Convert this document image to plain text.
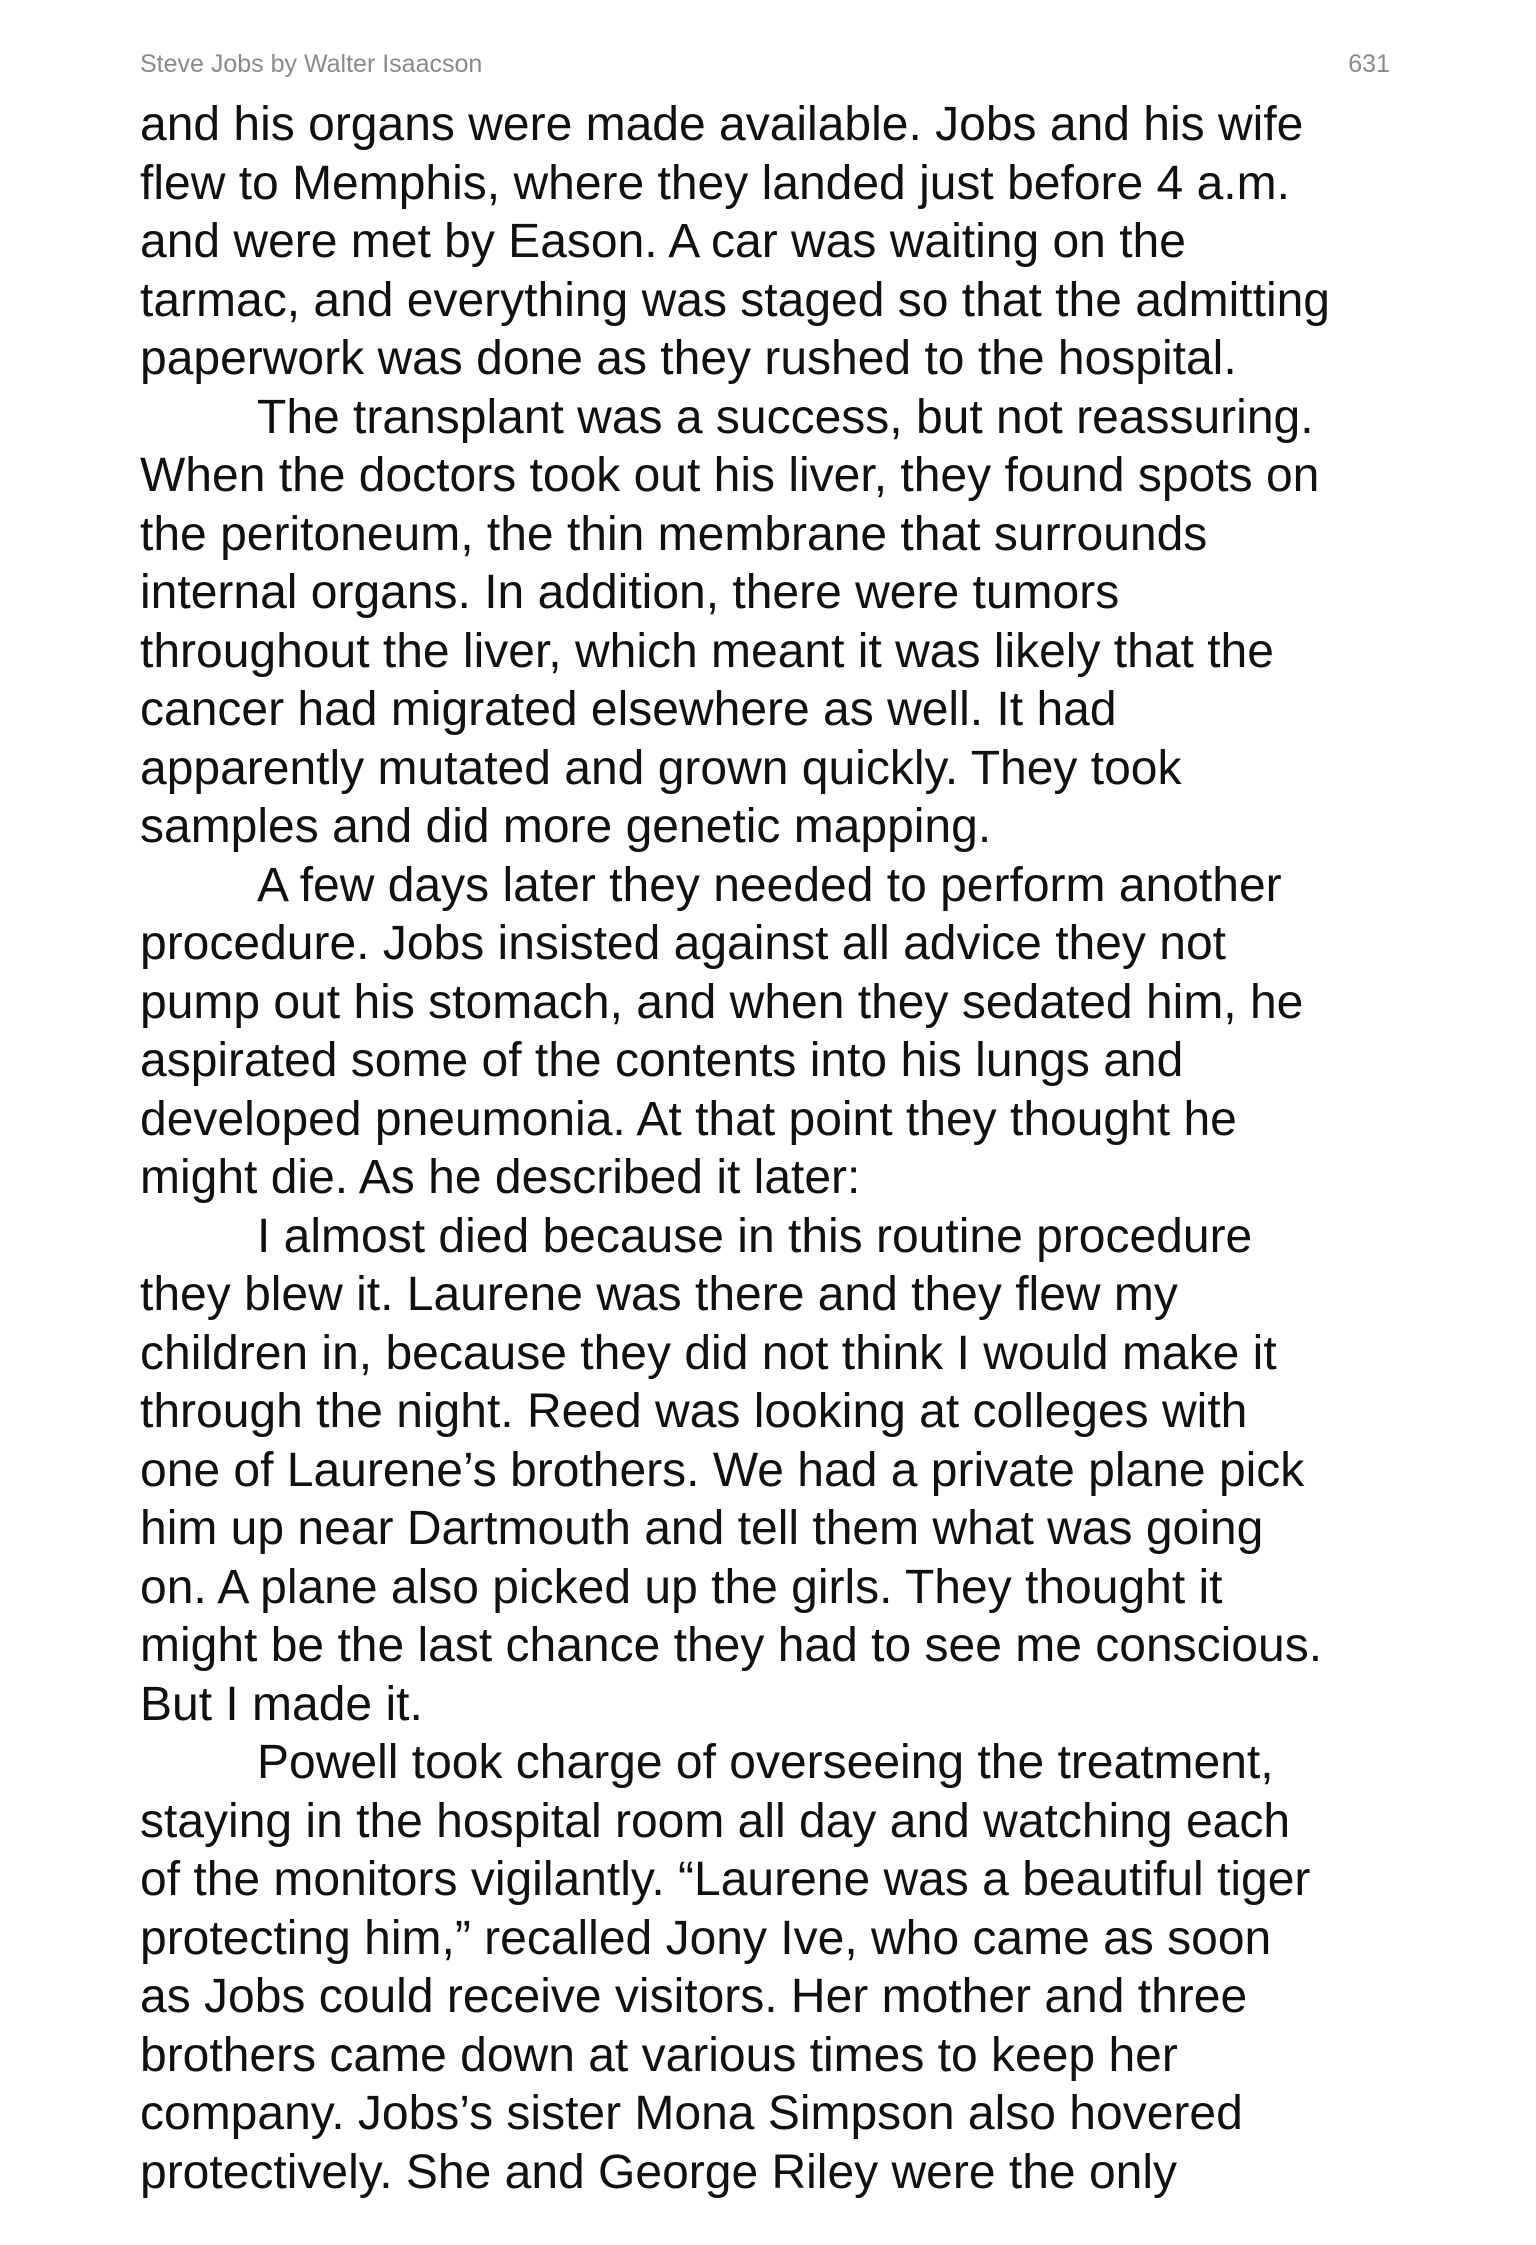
Steve Jobs by Walter Isaacson	631
and his organs were made available. Jobs and his wife
flew to Memphis, where they landed just before 4 a.m.
and were met by Eason. A car was waiting on the
tarmac, and everything was staged so that the admitting
paperwork was done as they rushed to the hospital.
The transplant was a success, but not reassuring.
When the doctors took out his liver, they found spots on
the peritoneum, the thin membrane that surrounds
internal organs. In addition, there were tumors
throughout the liver, which meant it was likely that the
cancer had migrated elsewhere as well. It had
apparently mutated and grown quickly. They took
samples and did more genetic mapping.
A few days later they needed to perform another
procedure. Jobs insisted against all advice they not
pump out his stomach, and when they sedated him, he
aspirated some of the contents into his lungs and
developed pneumonia. At that point they thought he
might die. As he described it later:
I almost died because in this routine procedure
they blew it. Laurene was there and they flew my
children in, because they did not think I would make it
through the night. Reed was looking at colleges with
one of Laurene’s brothers. We had a private plane pick
him up near Dartmouth and tell them what was going
on. A plane also picked up the girls. They thought it
might be the last chance they had to see me conscious.
But I made it.
Powell took charge of overseeing the treatment,
staying in the hospital room all day and watching each
of the monitors vigilantly. “Laurene was a beautiful tiger
protecting him,” recalled Jony Ive, who came as soon
as Jobs could receive visitors. Her mother and three
brothers came down at various times to keep her
company. Jobs’s sister Mona Simpson also hovered
protectively. She and George Riley were the only
